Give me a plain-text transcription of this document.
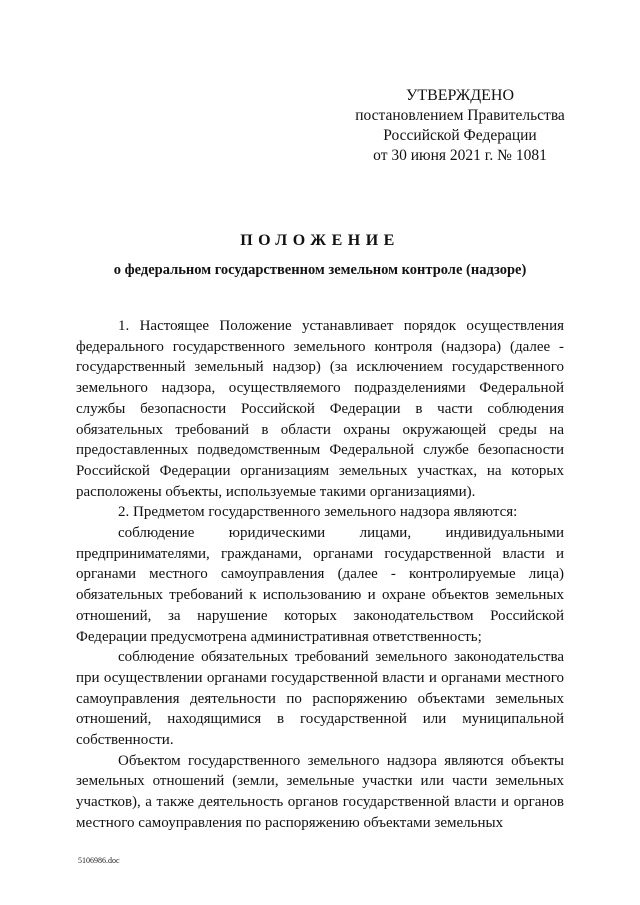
УТВЕРЖДЕНО
постановлением Правительства
Российской Федерации
от 30 июня 2021 г. № 1081
ПОЛОЖЕНИЕ
о федеральном государственном земельном контроле (надзоре)

1. Настоящее Положение устанавливает порядок осуществления федерального государственного земельного контроля (надзора) (далее - государственный земельный надзор) (за исключением государственного земельного надзора, осуществляемого подразделениями Федеральной службы безопасности Российской Федерации в части соблюдения обязательных требований в области охраны окружающей среды на предоставленных подведомственным Федеральной службе безопасности Российской Федерации организациям земельных участках, на которых расположены объекты, используемые такими организациями).

2. Предметом государственного земельного надзора являются:

соблюдение юридическими лицами, индивидуальными предпринимателями, гражданами, органами государственной власти и органами местного самоуправления (далее - контролируемые лица) обязательных требований к использованию и охране объектов земельных отношений, за нарушение которых законодательством Российской Федерации предусмотрена административная ответственность;

соблюдение обязательных требований земельного законодательства при осуществлении органами государственной власти и органами местного самоуправления деятельности по распоряжению объектами земельных отношений, находящимися в государственной или муниципальной собственности.

Объектом государственного земельного надзора являются объекты земельных отношений (земли, земельные участки или части земельных участков), а также деятельность органов государственной власти и органов местного самоуправления по распоряжению объектами земельных

5106986.doc
